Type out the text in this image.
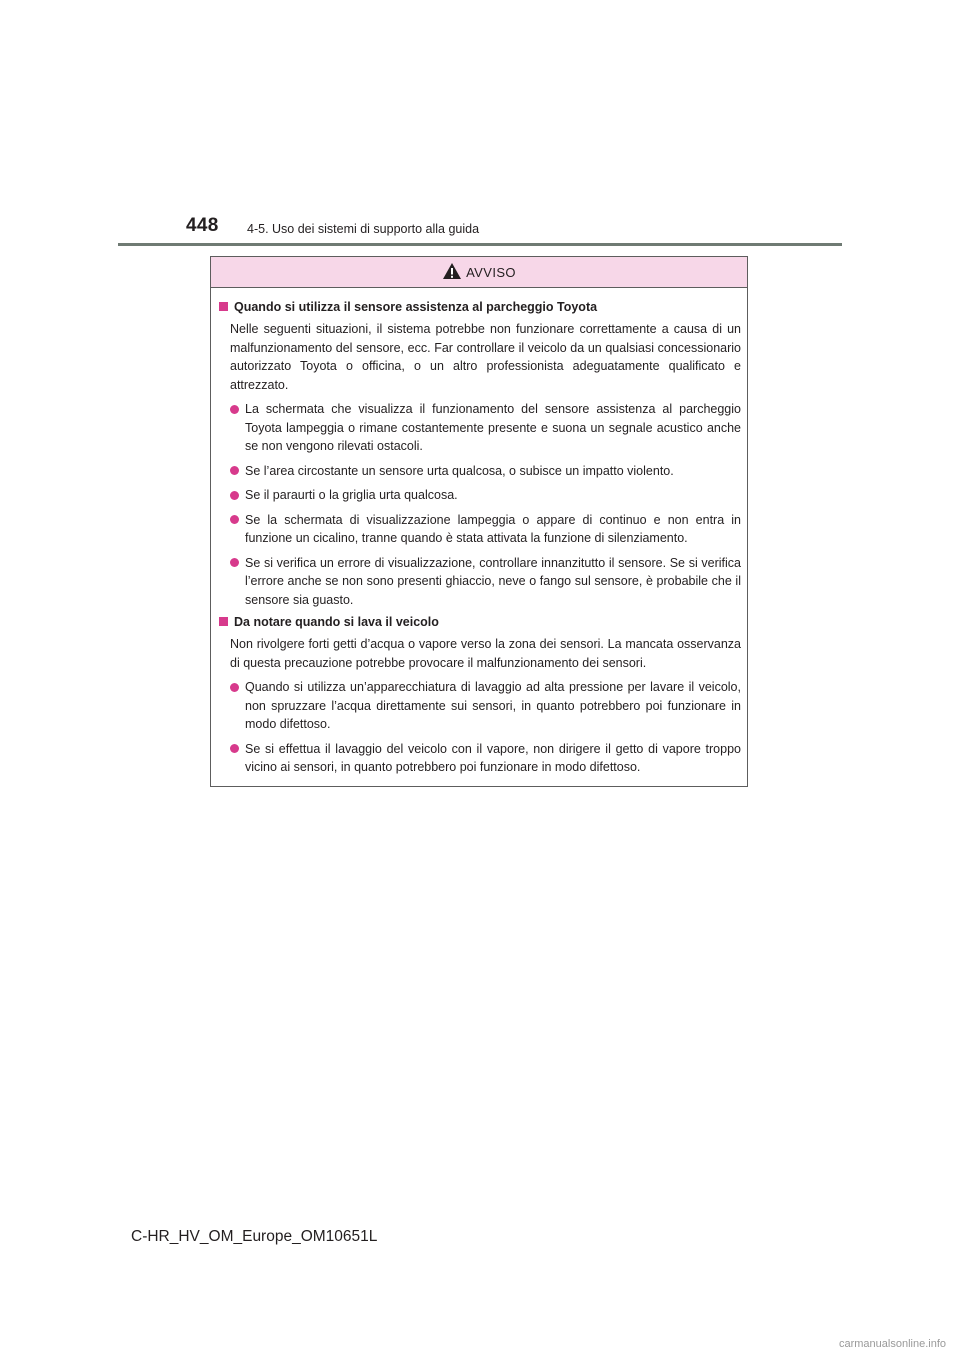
448 4-5. Uso dei sistemi di supporto alla guida
AVVISO
Quando si utilizza il sensore assistenza al parcheggio Toyota
Nelle seguenti situazioni, il sistema potrebbe non funzionare correttamente a causa di un malfunzionamento del sensore, ecc. Far controllare il veicolo da un qualsiasi concessionario autorizzato Toyota o officina, o un altro professionista adeguatamente qualificato e attrezzato.
La schermata che visualizza il funzionamento del sensore assistenza al parcheggio Toyota lampeggia o rimane costantemente presente e suona un segnale acustico anche se non vengono rilevati ostacoli.
Se l’area circostante un sensore urta qualcosa, o subisce un impatto violento.
Se il paraurti o la griglia urta qualcosa.
Se la schermata di visualizzazione lampeggia o appare di continuo e non entra in funzione un cicalino, tranne quando è stata attivata la funzione di silenziamento.
Se si verifica un errore di visualizzazione, controllare innanzitutto il sensore. Se si verifica l’errore anche se non sono presenti ghiaccio, neve o fango sul sensore, è probabile che il sensore sia guasto.
Da notare quando si lava il veicolo
Non rivolgere forti getti d’acqua o vapore verso la zona dei sensori. La mancata osservanza di questa precauzione potrebbe provocare il malfunzionamento dei sensori.
Quando si utilizza un’apparecchiatura di lavaggio ad alta pressione per lavare il veicolo, non spruzzare l’acqua direttamente sui sensori, in quanto potrebbero poi funzionare in modo difettoso.
Se si effettua il lavaggio del veicolo con il vapore, non dirigere il getto di vapore troppo vicino ai sensori, in quanto potrebbero poi funzionare in modo difettoso.
C-HR_HV_OM_Europe_OM10651L
carmanualsonline.info
